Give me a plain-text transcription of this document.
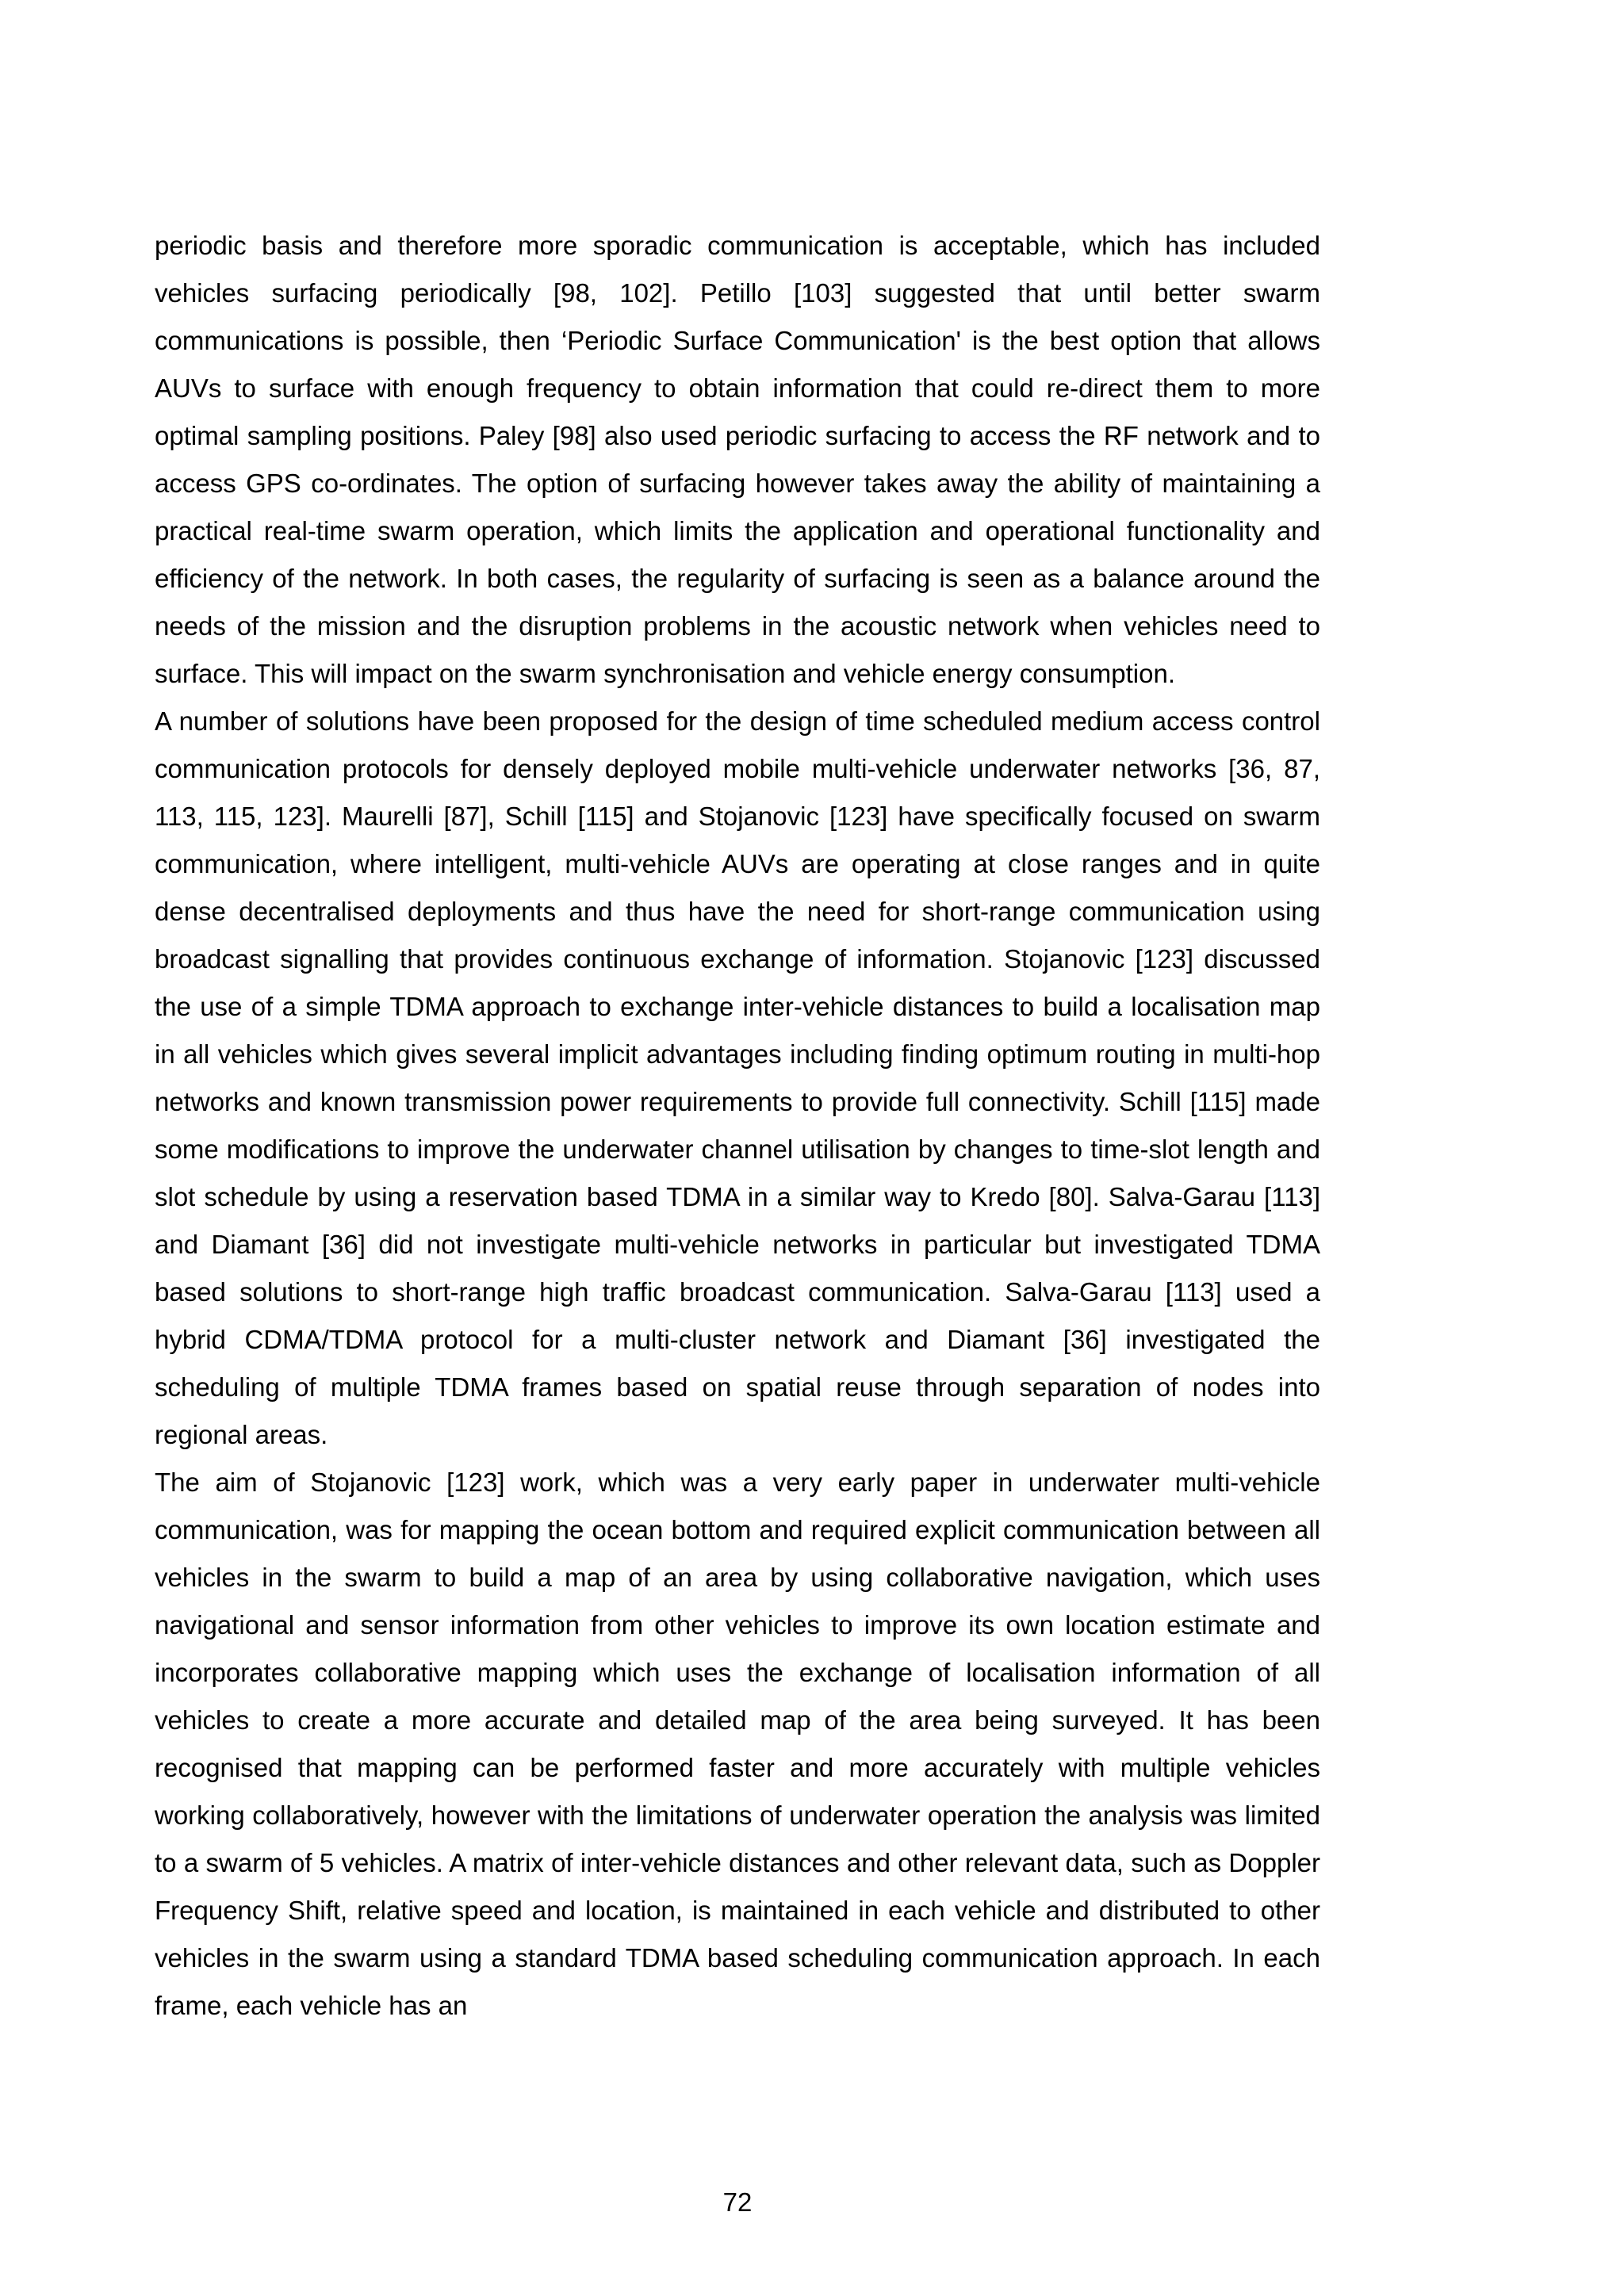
periodic basis and therefore more sporadic communication is acceptable, which has included vehicles surfacing periodically [98, 102]. Petillo [103] suggested that until better swarm communications is possible, then ‘Periodic Surface Communication' is the best option that allows AUVs to surface with enough frequency to obtain information that could re-direct them to more optimal sampling positions. Paley [98] also used periodic surfacing to access the RF network and to access GPS co-ordinates. The option of surfacing however takes away the ability of maintaining a practical real-time swarm operation, which limits the application and operational functionality and efficiency of the network. In both cases, the regularity of surfacing is seen as a balance around the needs of the mission and the disruption problems in the acoustic network when vehicles need to surface. This will impact on the swarm synchronisation and vehicle energy consumption.

A number of solutions have been proposed for the design of time scheduled medium access control communication protocols for densely deployed mobile multi-vehicle underwater networks [36, 87, 113, 115, 123]. Maurelli [87], Schill [115] and Stojanovic [123] have specifically focused on swarm communication, where intelligent, multi-vehicle AUVs are operating at close ranges and in quite dense decentralised deployments and thus have the need for short-range communication using broadcast signalling that provides continuous exchange of information. Stojanovic [123] discussed the use of a simple TDMA approach to exchange inter-vehicle distances to build a localisation map in all vehicles which gives several implicit advantages including finding optimum routing in multi-hop networks and known transmission power requirements to provide full connectivity. Schill [115] made some modifications to improve the underwater channel utilisation by changes to time-slot length and slot schedule by using a reservation based TDMA in a similar way to Kredo [80]. Salva-Garau [113] and Diamant [36] did not investigate multi-vehicle networks in particular but investigated TDMA based solutions to short-range high traffic broadcast communication. Salva-Garau [113] used a hybrid CDMA/TDMA protocol for a multi-cluster network and Diamant [36] investigated the scheduling of multiple TDMA frames based on spatial reuse through separation of nodes into regional areas.

The aim of Stojanovic [123] work, which was a very early paper in underwater multi-vehicle communication, was for mapping the ocean bottom and required explicit communication between all vehicles in the swarm to build a map of an area by using collaborative navigation, which uses navigational and sensor information from other vehicles to improve its own location estimate and incorporates collaborative mapping which uses the exchange of localisation information of all vehicles to create a more accurate and detailed map of the area being surveyed. It has been recognised that mapping can be performed faster and more accurately with multiple vehicles working collaboratively, however with the limitations of underwater operation the analysis was limited to a swarm of 5 vehicles. A matrix of inter-vehicle distances and other relevant data, such as Doppler Frequency Shift, relative speed and location, is maintained in each vehicle and distributed to other vehicles in the swarm using a standard TDMA based scheduling communication approach. In each frame, each vehicle has an

72
